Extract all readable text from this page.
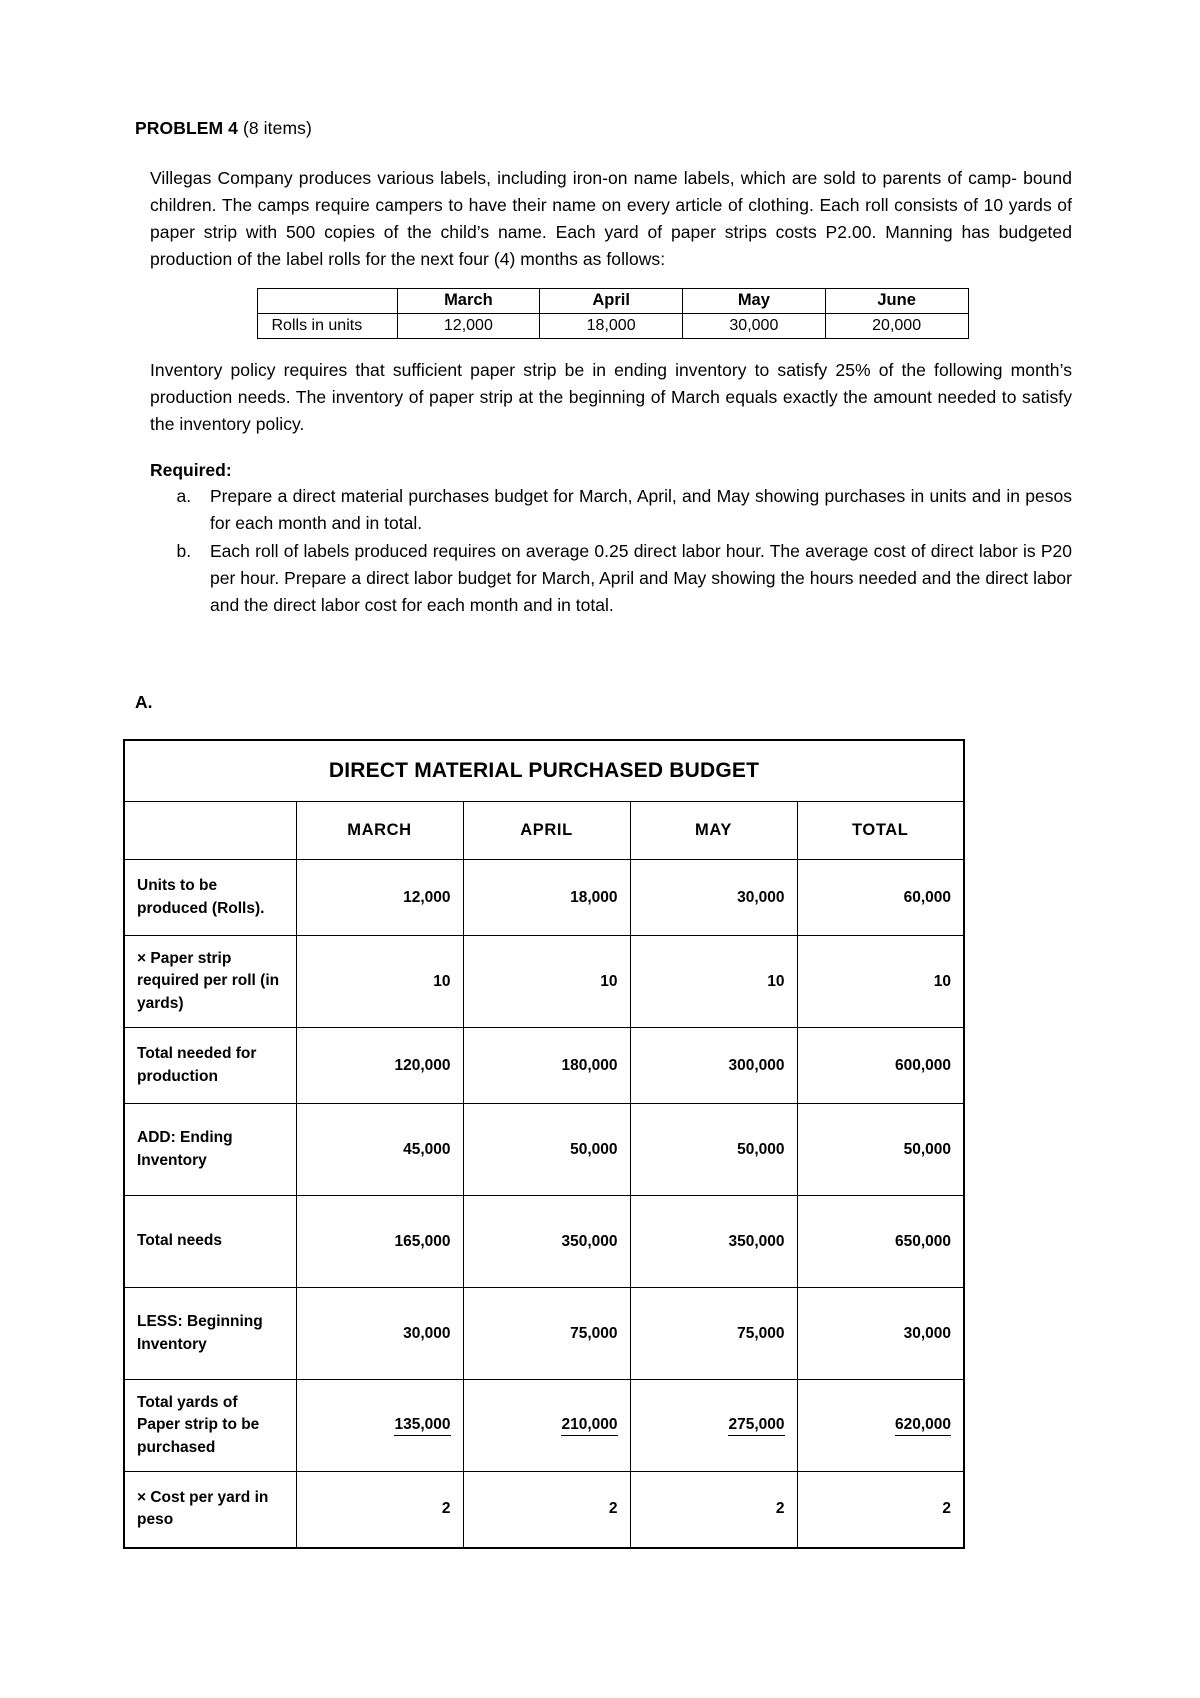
PROBLEM 4 (8 items)

Villegas Company produces various labels, including iron-on name labels, which are sold to parents of camp- bound children. The camps require campers to have their name on every article of clothing. Each roll consists of 10 yards of paper strip with 500 copies of the child’s name. Each yard of paper strips costs P2.00. Manning has budgeted production of the label rolls for the next four (4) months as follows:

	March	April	May	June
Rolls in units	12,000	18,000	30,000	20,000

Inventory policy requires that sufficient paper strip be in ending inventory to satisfy 25% of the following month’s production needs. The inventory of paper strip at the beginning of March equals exactly the amount needed to satisfy the inventory policy.

Required:
a. Prepare a direct material purchases budget for March, April, and May showing purchases in units and in pesos for each month and in total.
b. Each roll of labels produced requires on average 0.25 direct labor hour. The average cost of direct labor is P20 per hour. Prepare a direct labor budget for March, April and May showing the hours needed and the direct labor and the direct labor cost for each month and in total.
A.
DIRECT MATERIAL PURCHASED BUDGET				
	MARCH	APRIL	MAY	TOTAL
Units to be produced (Rolls).	12,000	18,000	30,000	60,000
× Paper strip required per roll (in yards)	10	10	10	10
Total needed for production	120,000	180,000	300,000	600,000
ADD: Ending Inventory	45,000	50,000	50,000	50,000
Total needs	165,000	350,000	350,000	650,000
LESS: Beginning Inventory	30,000	75,000	75,000	30,000
Total yards of Paper strip to be purchased	135,000	210,000	275,000	620,000
× Cost per yard in peso	2	2	2	2
